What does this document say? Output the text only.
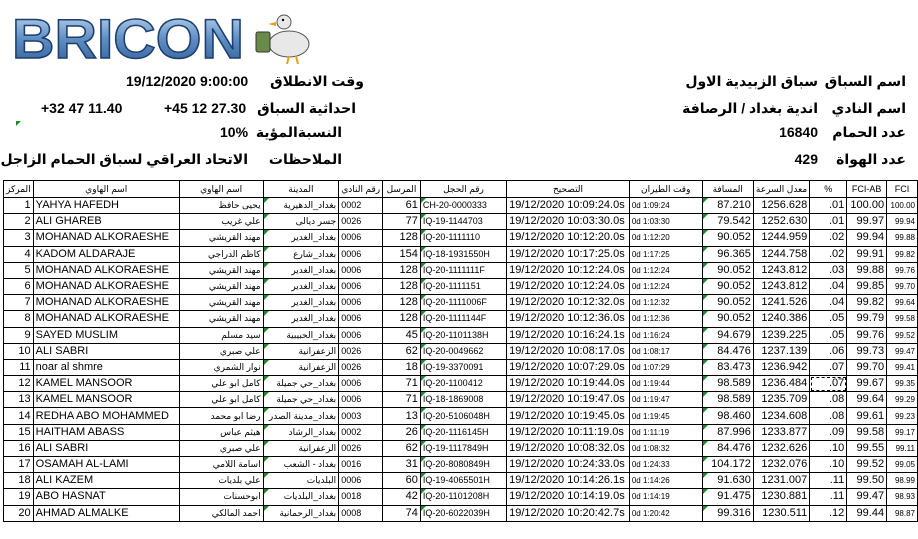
BRICON
اسم السباق
سباق الزبيدية الاول
اسم النادي
اندية بغداد / الرصافة
عدد الحمام
16840
عدد الهواة
429
وقت الانطلاق
19/12/2020 9:00:00
احداثية السباق
+45 12 27.30
+32 47 11.40
النسبةالمؤية
10%
الملاحظات
الاتحاد العراقي لسباق الحمام الزاجل
المركز	اسم الهاوي	اسم الهاوي	المدينة	رقم النادي	المرسل	رقم الحجل	التصحيح	وقت الطيران	المسافة	معدل السرعة	%	FCI-AB	FCI
1	YAHYA HAFEDH	يحيى حافظ	بغداد_الدهيرية	0002	61	CH-20-0000333	19/12/2020 10:09:24.0s	0d 1:09:24	87.210	1256.628	.01	100.00	100.00
2	ALI GHAREB	علي غريب	جسر ديالى	0026	77	IQ-19-1144703	19/12/2020 10:03:30.0s	0d 1:03:30	79.542	1252.630	.01	99.97	99.94
3	MOHANAD ALKORAESHE	مهند القريشي	بغداد_الغدير	0006	128	IQ-20-1111110	19/12/2020 10:12:20.0s	0d 1:12:20	90.052	1244.959	.02	99.94	99.88
4	KADOM ALDARAJE	كاظم الدراجي	بغداد_شارع	0006	154	IQ-18-1931550H	19/12/2020 10:17:25.0s	0d 1:17:25	96.365	1244.758	.02	99.91	99.82
5	MOHANAD ALKORAESHE	مهند القريشي	بغداد_الغدير	0006	128	IQ-20-1111111F	19/12/2020 10:12:24.0s	0d 1:12:24	90.052	1243.812	.03	99.88	99.76
6	MOHANAD ALKORAESHE	مهند القريشي	بغداد_الغدير	0006	128	IQ-20-1111151	19/12/2020 10:12:24.0s	0d 1:12:24	90.052	1243.812	.04	99.85	99.70
7	MOHANAD ALKORAESHE	مهند القريشي	بغداد_الغدير	0006	128	IQ-20-1111006F	19/12/2020 10:12:32.0s	0d 1:12:32	90.052	1241.526	.04	99.82	99.64
8	MOHANAD ALKORAESHE	مهند القريشي	بغداد_الغدير	0006	128	IQ-20-1111144F	19/12/2020 10:12:36.0s	0d 1:12:36	90.052	1240.386	.05	99.79	99.58
9	SAYED MUSLIM	سيد مسلم	بغداد_الحبيبية	0006	45	IQ-20-1101138H	19/12/2020 10:16:24.1s	0d 1:16:24	94.679	1239.225	.05	99.76	99.52
10	ALI SABRI	علي صبري	الزعفرانية	0026	62	IQ-20-0049662	19/12/2020 10:08:17.0s	0d 1:08:17	84.476	1237.139	.06	99.73	99.47
11	noar al shmre	نوار الشمري	الزعفرانية	0026	18	IQ-19-3370091	19/12/2020 10:07:29.0s	0d 1:07:29	83.473	1236.942	.07	99.70	99.41
12	KAMEL MANSOOR	كامل ابو علي	بغداد_حي جميلة	0006	71	IQ-20-1100412	19/12/2020 10:19:44.0s	0d 1:19:44	98.589	1236.484	.07	99.67	99.35
13	KAMEL MANSOOR	كامل ابو علي	بغداد_حي جميلة	0006	71	IQ-18-1869008	19/12/2020 10:19:47.0s	0d 1:19:47	98.589	1235.709	.08	99.64	99.29
14	REDHA ABO MOHAMMED	رضا ابو محمد	بغداد_مدينة الصدر	0003	13	IQ-20-5106048H	19/12/2020 10:19:45.0s	0d 1:19:45	98.460	1234.608	.08	99.61	99.23
15	HAITHAM ABASS	هيثم عباس	بغداد_الرشاد	0002	26	IQ-20-1116145H	19/12/2020 10:11:19.0s	0d 1:11:19	87.996	1233.877	.09	99.58	99.17
16	ALI SABRI	علي صبري	الزعفرانية	0026	62	IQ-19-1117849H	19/12/2020 10:08:32.0s	0d 1:08:32	84.476	1232.626	.10	99.55	99.11
17	OSAMAH AL-LAMI	اسامة اللامي	بغداد - الشعب	0016	31	IQ-20-8080849H	19/12/2020 10:24:33.0s	0d 1:24:33	104.172	1232.076	.10	99.52	99.05
18	ALI KAZEM	علي بلديات	البلديات	0006	60	IQ-19-4065501H	19/12/2020 10:14:26.1s	0d 1:14:26	91.630	1231.007	.11	99.50	98.99
19	ABO HASNAT	ابوحسنات	بغداد_البلديات	0018	42	IQ-20-1101208H	19/12/2020 10:14:19.0s	0d 1:14:19	91.475	1230.881	.11	99.47	98.93
20	AHMAD ALMALKE	احمد المالكي	بغداد_الرحمانية	0008	74	IQ-20-6022039H	19/12/2020 10:20:42.7s	0d 1:20:42	99.316	1230.511	.12	99.44	98.87
